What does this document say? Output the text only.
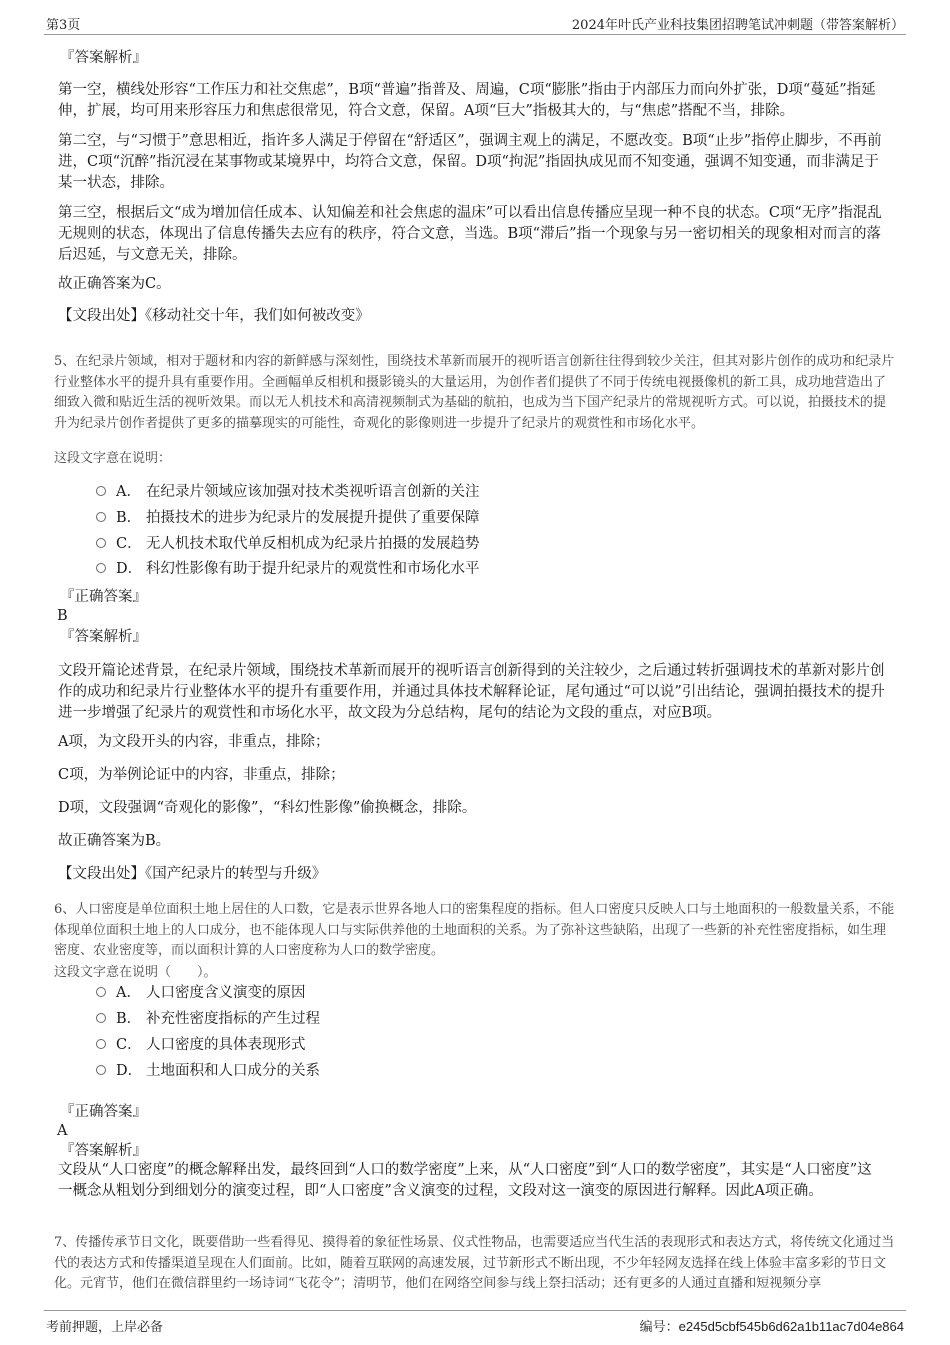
第3页	2024年叶氏产业科技集团招聘笔试冲刺题（带答案解析）
『答案解析』

第一空，横线处形容“工作压力和社交焦虑”，B项“普遍”指普及、周遍，C项“膨胀”指由于内部压力而向外扩张，D项“蔓延”指延伸，扩展，均可用来形容压力和焦虑很常见，符合文意，保留。A项“巨大”指极其大的，与“焦虑”搭配不当，排除。

第二空，与“习惯于”意思相近，指许多人满足于停留在“舒适区”，强调主观上的满足，不愿改变。B项“止步”指停止脚步，不再前进，C项“沉醉”指沉浸在某事物或某境界中，均符合文意，保留。D项“拘泥”指固执成见而不知变通，强调不知变通，而非满足于某一状态，排除。

第三空，根据后文“成为增加信任成本、认知偏差和社会焦虑的温床”可以看出信息传播应呈现一种不良的状态。C项“无序”指混乱无规则的状态，体现出了信息传播失去应有的秩序，符合文意，当选。B项“滞后”指一个现象与另一密切相关的现象相对而言的落后迟延，与文意无关，排除。

故正确答案为C。
【文段出处】《移动社交十年，我们如何被改变》

5、在纪录片领域，相对于题材和内容的新鲜感与深刻性，围绕技术革新而展开的视听语言创新往往得到较少关注，但其对影片创作的成功和纪录片行业整体水平的提升具有重要作用。全画幅单反相机和摄影镜头的大量运用，为创作者们提供了不同于传统电视摄像机的新工具，成功地营造出了细致入微和贴近生活的视听效果。而以无人机技术和高清视频制式为基础的航拍，也成为当下国产纪录片的常规视听方式。可以说，拍摄技术的提升为纪录片创作者提供了更多的描摹现实的可能性，奇观化的影像则进一步提升了纪录片的观赏性和市场化水平。

这段文字意在说明：
A． 在纪录片领域应该加强对技术类视听语言创新的关注
B． 拍摄技术的进步为纪录片的发展提升提供了重要保障
C． 无人机技术取代单反相机成为纪录片拍摄的发展趋势
D． 科幻性影像有助于提升纪录片的观赏性和市场化水平
『正确答案』
B
『答案解析』

文段开篇论述背景，在纪录片领域，围绕技术革新而展开的视听语言创新得到的关注较少，之后通过转折强调技术的革新对影片创作的成功和纪录片行业整体水平的提升有重要作用，并通过具体技术解释论证，尾句通过“可以说”引出结论，强调拍摄技术的提升进一步增强了纪录片的观赏性和市场化水平，故文段为分总结构，尾句的结论为文段的重点，对应B项。

A项，为文段开头的内容，非重点，排除；
C项，为举例论证中的内容，非重点，排除；
D项，文段强调“奇观化的影像”，“科幻性影像”偷换概念，排除。
故正确答案为B。
【文段出处】《国产纪录片的转型与升级》

6、人口密度是单位面积土地上居住的人口数，它是表示世界各地人口的密集程度的指标。但人口密度只反映人口与土地面积的一般数量关系，不能体现单位面积土地上的人口成分，也不能体现人口与实际供养他的土地面积的关系。为了弥补这些缺陷，出现了一些新的补充性密度指标，如生理密度、农业密度等，而以面积计算的人口密度称为人口的数学密度。

这段文字意在说明（　　）。
A． 人口密度含义演变的原因
B． 补充性密度指标的产生过程
C． 人口密度的具体表现形式
D． 土地面积和人口成分的关系
『正确答案』
A
『答案解析』

文段从“人口密度”的概念解释出发，最终回到“人口的数学密度”上来，从“人口密度”到“人口的数学密度”，其实是“人口密度”这一概念从粗划分到细划分的演变过程，即“人口密度”含义演变的过程，文段对这一演变的原因进行解释。因此A项正确。

7、传播传承节日文化，既要借助一些看得见、摸得着的象征性场景、仪式性物品，也需要适应当代生活的表现形式和表达方式，将传统文化通过当代的表达方式和传播渠道呈现在人们面前。比如，随着互联网的高速发展，过节新形式不断出现，不少年轻网友选择在线上体验丰富多彩的节日文化。元宵节，他们在微信群里约一场诗词“飞花令”；清明节，他们在网络空间参与线上祭扫活动；还有更多的人通过直播和短视频分享

考前押题，上岸必备	编号：e245d5cbf545b6d62a1b11ac7d04e864
